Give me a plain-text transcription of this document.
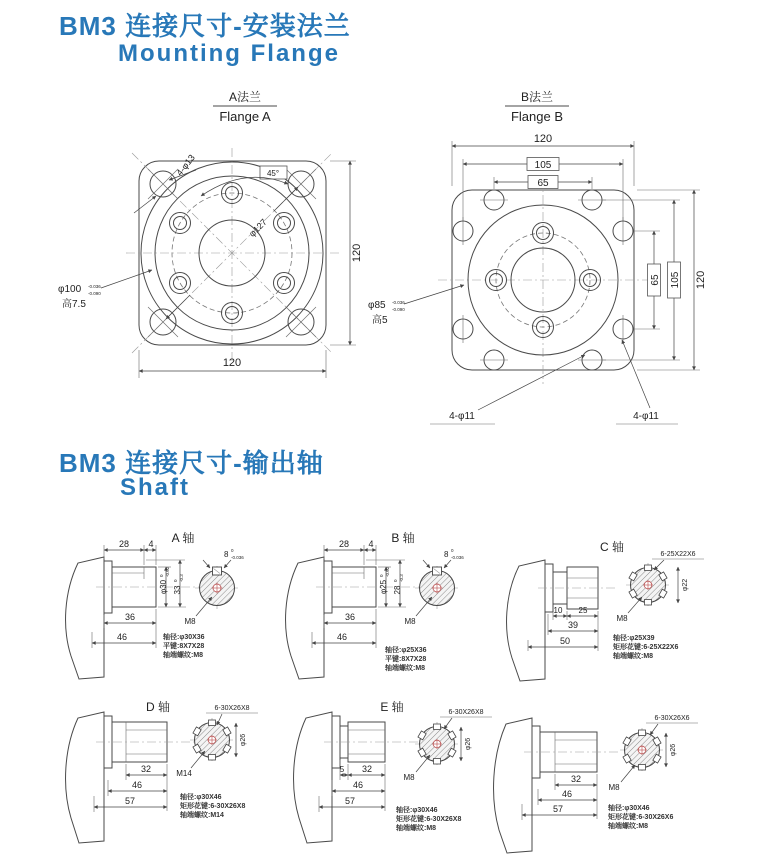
BM3 连接尺寸-安装法兰
Mounting Flange
BM3 连接尺寸-输出轴
Shaft
A法兰
Flange A
120
120
4-φ13	45°
φ127
φ100 -0.036
-0.090
高7.5
B法兰
Flange B
120
105
65
65 105 120
φ85 -0.036
-0.090
高5
4-φ11	4-φ11
A 轴
28 4
φ30
0 -0.02
33
0 -0.3
36
46
8 0
-0.036
M8
轴径:φ30X36
平键:8X7X28
轴端螺纹:M8
B 轴
28 4
φ25
0 -0.02
28
0 -0.3
36
46
8 0
-0.036
M8
轴径:φ25X36
平键:8X7X28
轴端螺纹:M8
C 轴
10 25
39
50
6-25X22X6
φ22
M8
轴径:φ25X39
矩形花键:6-25X22X6
轴端螺纹:M8
D 轴
32
46
57
6-30X26X8
φ26
M14
轴径:φ30X46
矩形花键:6-30X26X8
轴端螺纹:M14
E 轴
5 32
46
57
6-30X26X8
φ26
M8
轴径:φ30X46
矩形花键:6-30X26X8
轴端螺纹:M8
32
46
57
6-30X26X6
φ26
M8
轴径:φ30X46
矩形花键:6-30X26X6
轴端螺纹:M8
